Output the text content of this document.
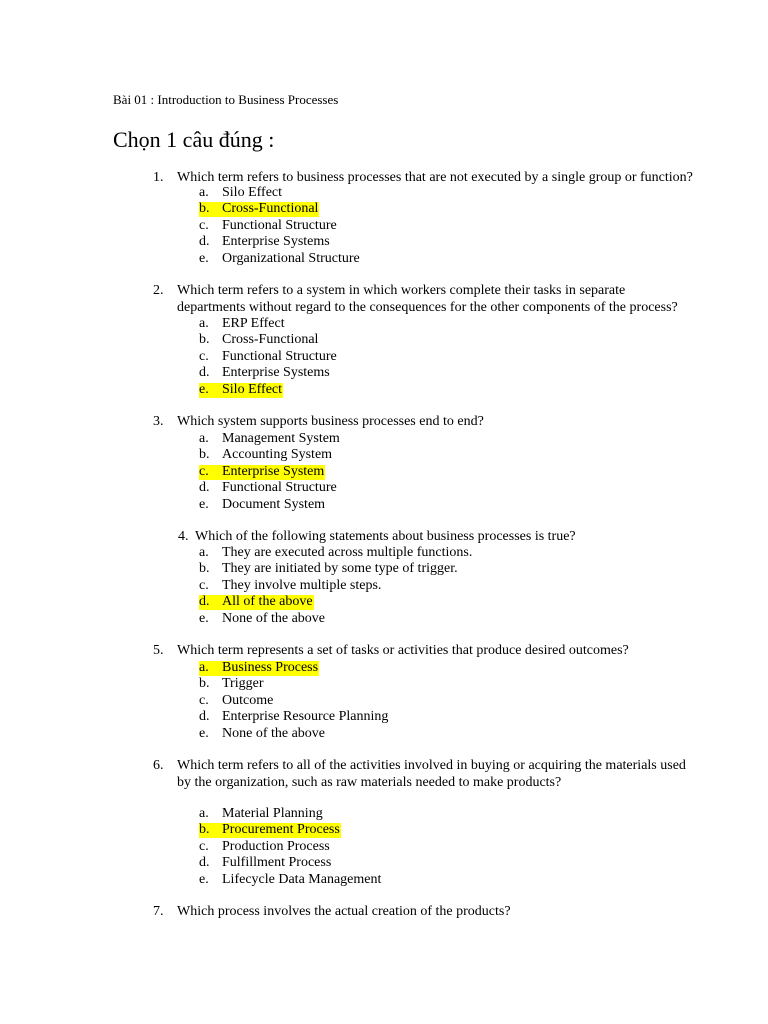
Bài 01 : Introduction to Business Processes
Chọn 1 câu đúng :
1. Which term refers to business processes that are not executed by a single group or function?
a. Silo Effect
b. Cross-Functional
c. Functional Structure
d. Enterprise Systems
e. Organizational Structure
2. Which term refers to a system in which workers complete their tasks in separate departments without regard to the consequences for the other components of the process?
a. ERP Effect
b. Cross-Functional
c. Functional Structure
d. Enterprise Systems
e. Silo Effect
3. Which system supports business processes end to end?
a. Management System
b. Accounting System
c. Enterprise System
d. Functional Structure
e. Document System
4. Which of the following statements about business processes is true?
a. They are executed across multiple functions.
b. They are initiated by some type of trigger.
c. They involve multiple steps.
d. All of the above
e. None of the above
5. Which term represents a set of tasks or activities that produce desired outcomes?
a. Business Process
b. Trigger
c. Outcome
d. Enterprise Resource Planning
e. None of the above
6. Which term refers to all of the activities involved in buying or acquiring the materials used by the organization, such as raw materials needed to make products?
a. Material Planning
b. Procurement Process
c. Production Process
d. Fulfillment Process
e. Lifecycle Data Management
7. Which process involves the actual creation of the products?
